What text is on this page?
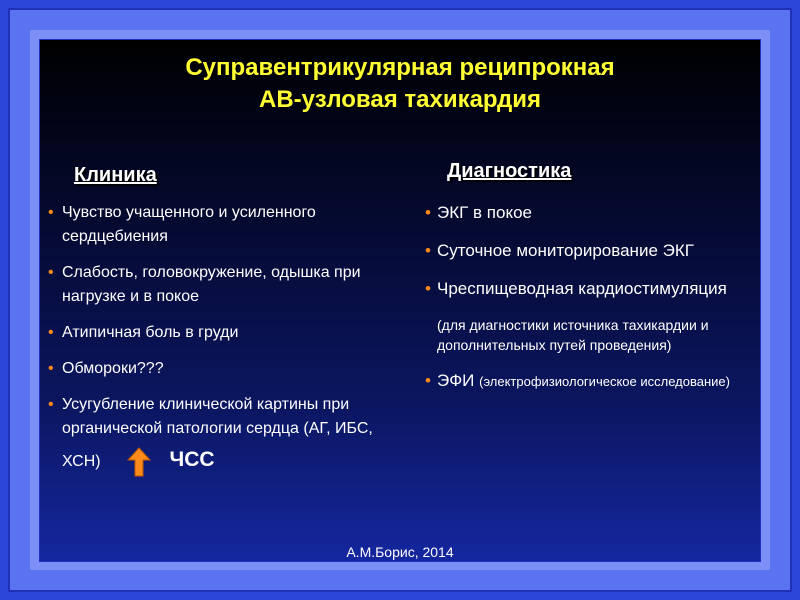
Суправентрикулярная реципрокная
АВ-узловая тахикардия
Клиника
• Чувство учащенного и усиленного сердцебиения
• Слабость, головокружение, одышка при нагрузке и в покое
• Атипичная боль в груди
• Обмороки???
• Усугубление клинической картины при органической патологии сердца (АГ, ИБС,
ХСН)	ЧСС
Диагностика
• ЭКГ в покое
• Суточное мониторирование ЭКГ
• Чреспищеводная кардиостимуляция
(для диагностики источника тахикардии и дополнительных путей проведения)
• ЭФИ (электрофизиологическое исследование)
А.М.Борис, 2014
